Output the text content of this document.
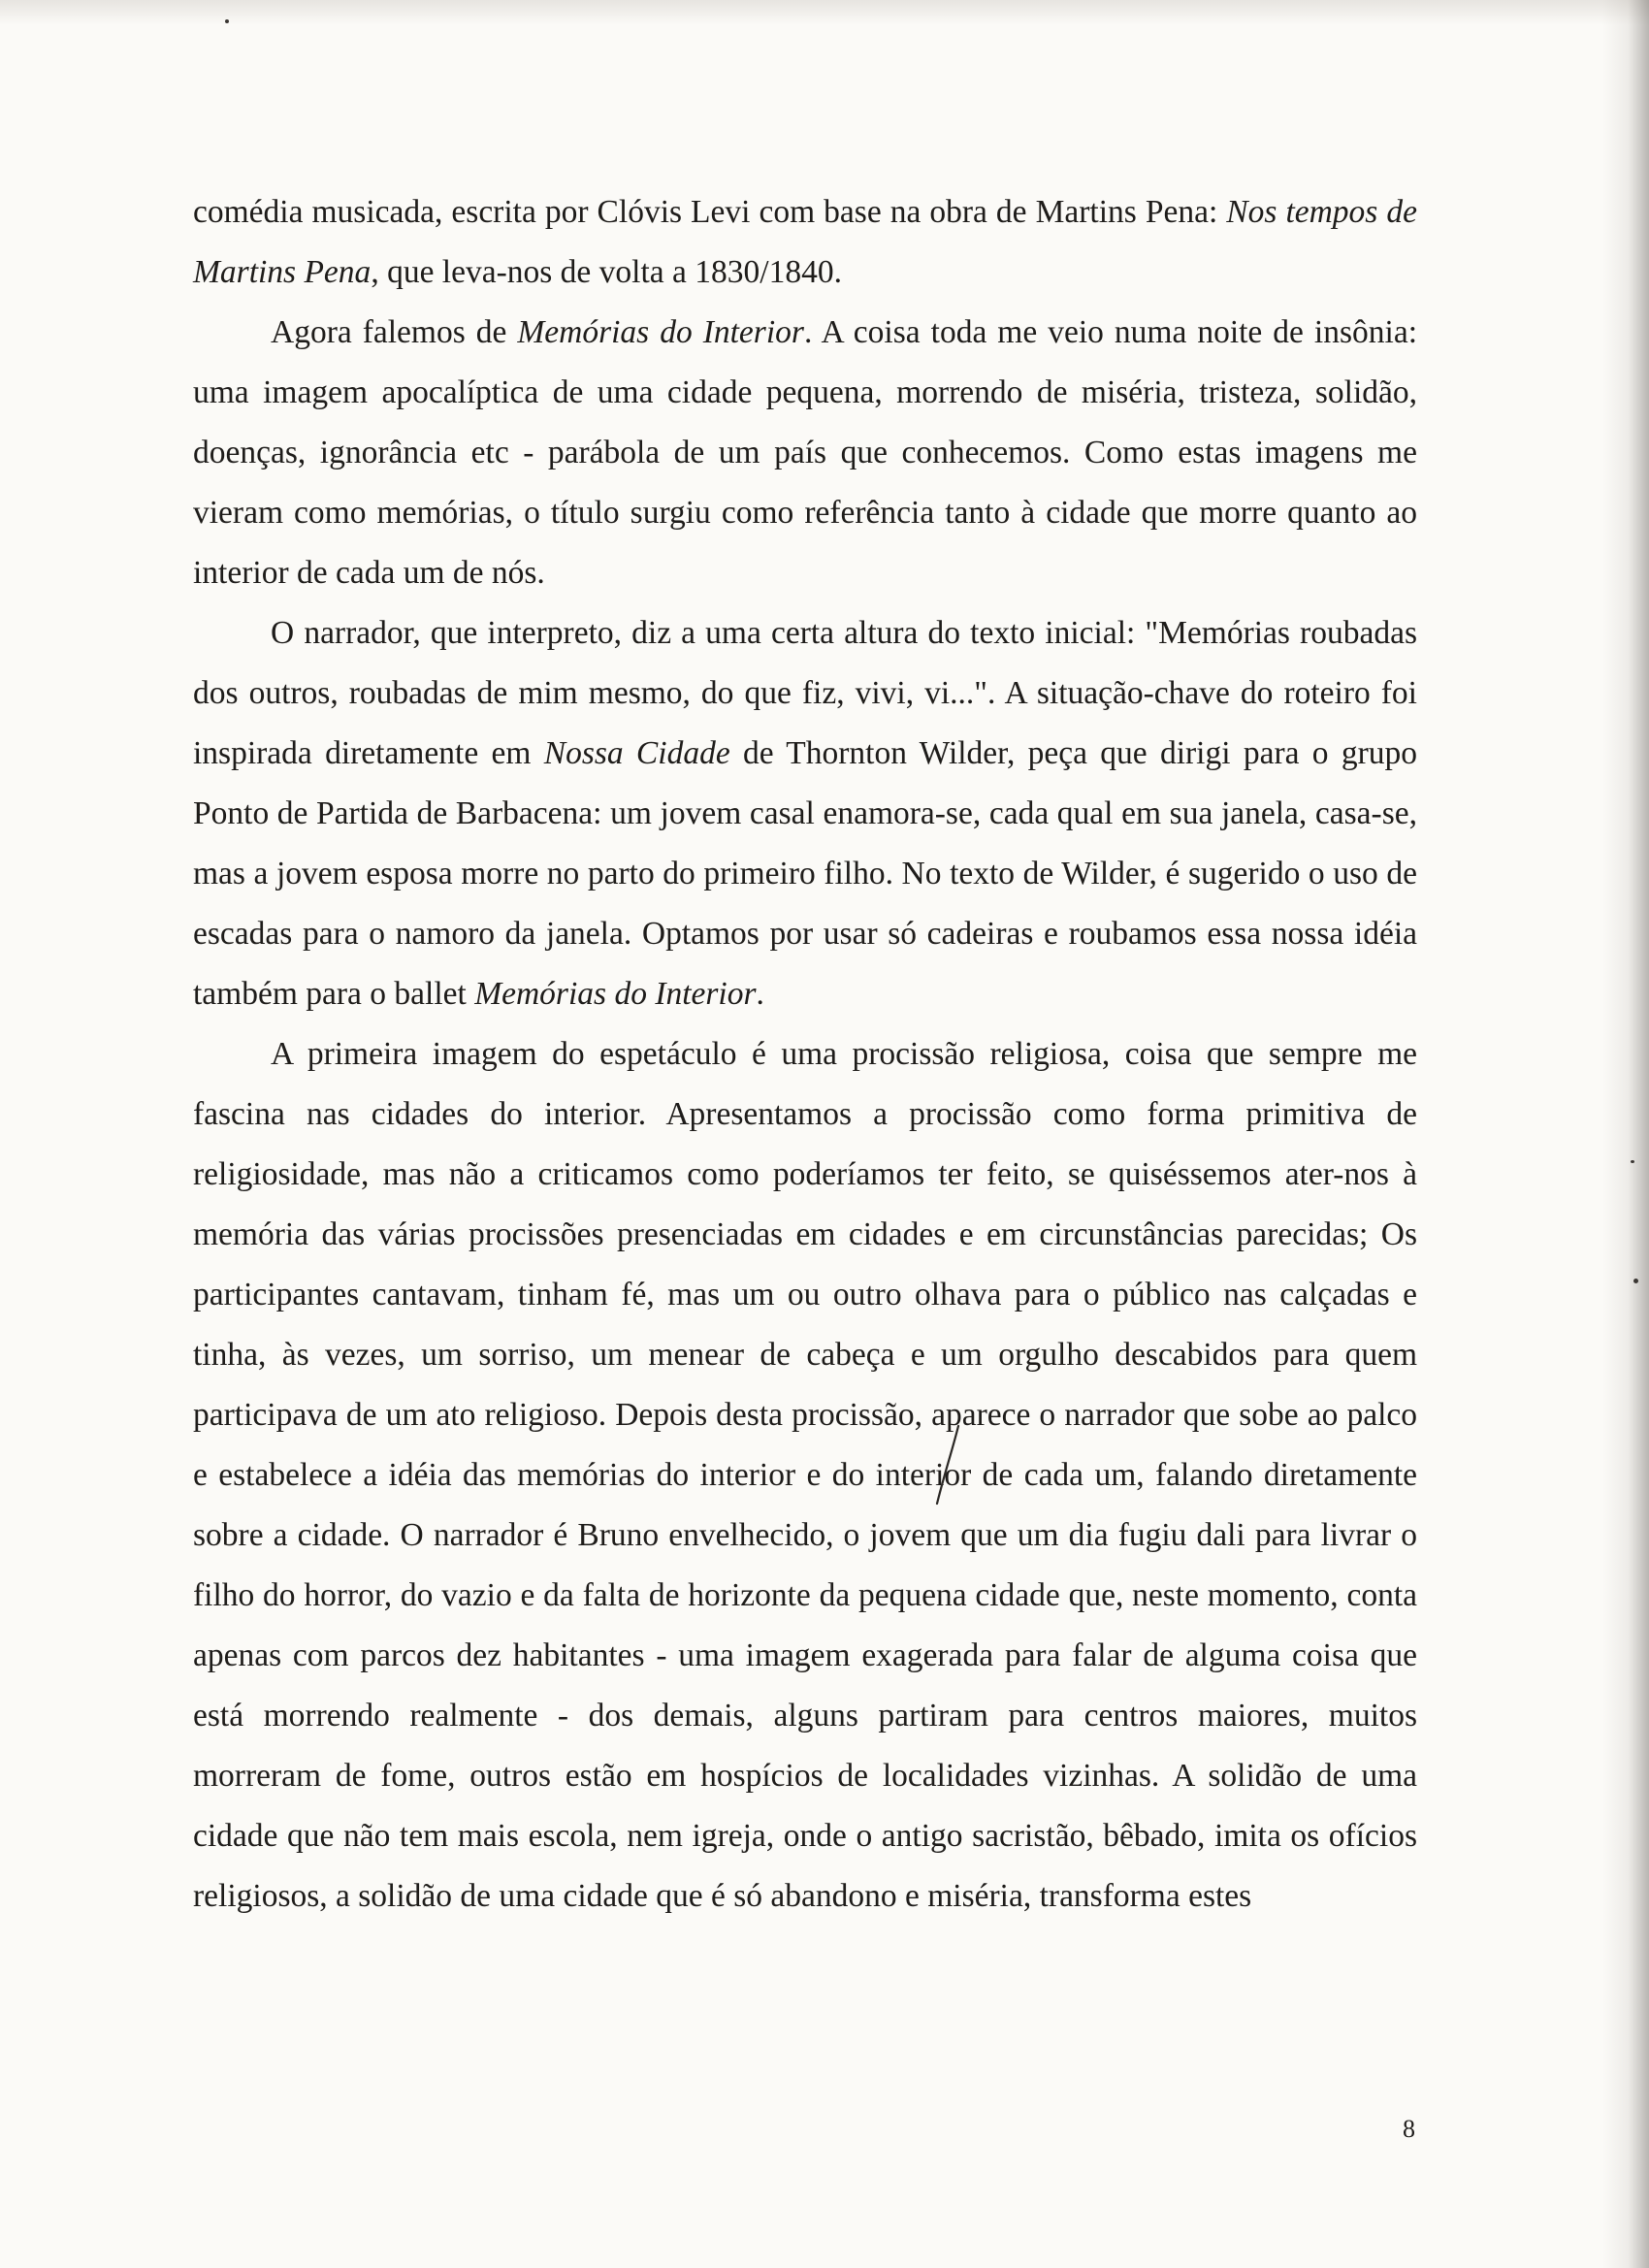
comédia musicada, escrita por Clóvis Levi com base na obra de Martins Pena: Nos tempos de Martins Pena, que leva-nos de volta a 1830/1840.

Agora falemos de Memórias do Interior. A coisa toda me veio numa noite de insônia: uma imagem apocalíptica de uma cidade pequena, morrendo de miséria, tristeza, solidão, doenças, ignorância etc - parábola de um país que conhecemos. Como estas imagens me vieram como memórias, o título surgiu como referência tanto à cidade que morre quanto ao interior de cada um de nós.

O narrador, que interpreto, diz a uma certa altura do texto inicial: "Memórias roubadas dos outros, roubadas de mim mesmo, do que fiz, vivi, vi...". A situação-chave do roteiro foi inspirada diretamente em Nossa Cidade de Thornton Wilder, peça que dirigi para o grupo Ponto de Partida de Barbacena: um jovem casal enamora-se, cada qual em sua janela, casa-se, mas a jovem esposa morre no parto do primeiro filho. No texto de Wilder, é sugerido o uso de escadas para o namoro da janela. Optamos por usar só cadeiras e roubamos essa nossa idéia também para o ballet Memórias do Interior.

A primeira imagem do espetáculo é uma procissão religiosa, coisa que sempre me fascina nas cidades do interior. Apresentamos a procissão como forma primitiva de religiosidade, mas não a criticamos como poderíamos ter feito, se quiséssemos ater-nos à memória das várias procissões presenciadas em cidades e em circunstâncias parecidas; Os participantes cantavam, tinham fé, mas um ou outro olhava para o público nas calçadas e tinha, às vezes, um sorriso, um menear de cabeça e um orgulho descabidos para quem participava de um ato religioso. Depois desta procissão, aparece o narrador que sobe ao palco e estabelece a idéia das memórias do interior e do interior de cada um, falando diretamente sobre a cidade. O narrador é Bruno envelhecido, o jovem que um dia fugiu dali para livrar o filho do horror, do vazio e da falta de horizonte da pequena cidade que, neste momento, conta apenas com parcos dez habitantes - uma imagem exagerada para falar de alguma coisa que está morrendo realmente - dos demais, alguns partiram para centros maiores, muitos morreram de fome, outros estão em hospícios de localidades vizinhas. A solidão de uma cidade que não tem mais escola, nem igreja, onde o antigo sacristão, bêbado, imita os ofícios religiosos, a solidão de uma cidade que é só abandono e miséria, transforma estes

8
